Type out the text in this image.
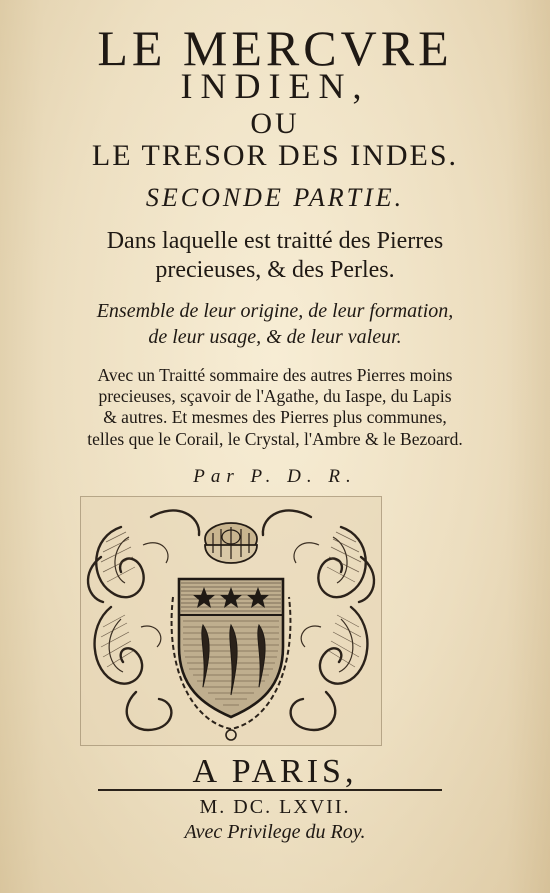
LE MERCVRE
INDIEN,
OU
LE TRESOR DES INDES.
SECONDE PARTIE.
Dans laquelle est traitté des Pierres
precieuses, & des Perles.
Ensemble de leur origine, de leur formation,
de leur usage, & de leur valeur.
Avec un Traitté sommaire des autres Pierres moins
precieuses, sçavoir de l'Agathe, du Iaspe, du Lapis
& autres. Et mesmes des Pierres plus communes,
telles que le Corail, le Crystal, l'Ambre & le Bezoard.
Par P. D. R.
A PARIS,
M. DC. LXVII.
Avec Privilege du Roy.
